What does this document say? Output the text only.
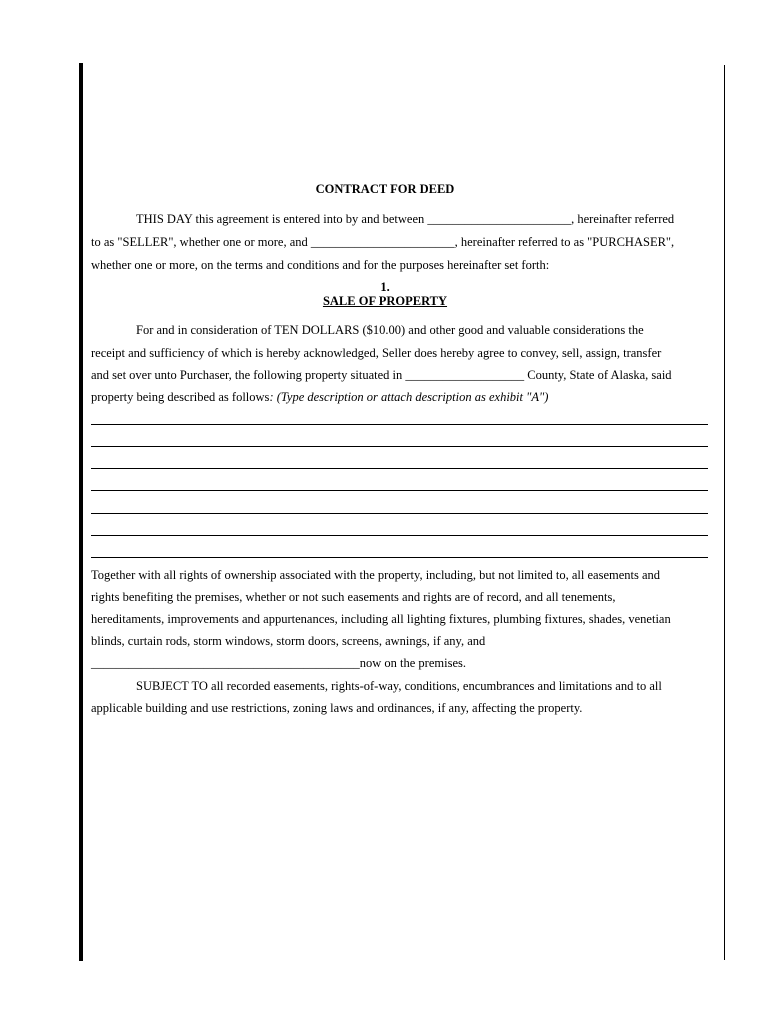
CONTRACT FOR DEED
THIS DAY this agreement is entered into by and between _______________________, hereinafter referred
to as "SELLER", whether one or more, and _______________________, hereinafter referred to as "PURCHASER",
whether one or more, on the terms and conditions and for the purposes hereinafter set forth:
1.
SALE OF PROPERTY
For and in consideration of TEN DOLLARS ($10.00) and other good and valuable considerations the
receipt and sufficiency of which is hereby acknowledged, Seller does hereby agree to convey, sell, assign, transfer
and set over unto Purchaser, the following property situated in ___________________ County, State of Alaska, said
property being described as follows: (Type description or attach description as exhibit "A")
Together with all rights of ownership associated with the property, including, but not limited to, all easements and
rights benefiting the premises, whether or not such easements and rights are of record, and all tenements,
hereditaments, improvements and appurtenances, including all lighting fixtures, plumbing fixtures, shades, venetian
blinds, curtain rods, storm windows, storm doors, screens, awnings, if any, and
___________________________________________now on the premises.
SUBJECT TO all recorded easements, rights-of-way, conditions, encumbrances and limitations and to all
applicable building and use restrictions, zoning laws and ordinances, if any, affecting the property.
